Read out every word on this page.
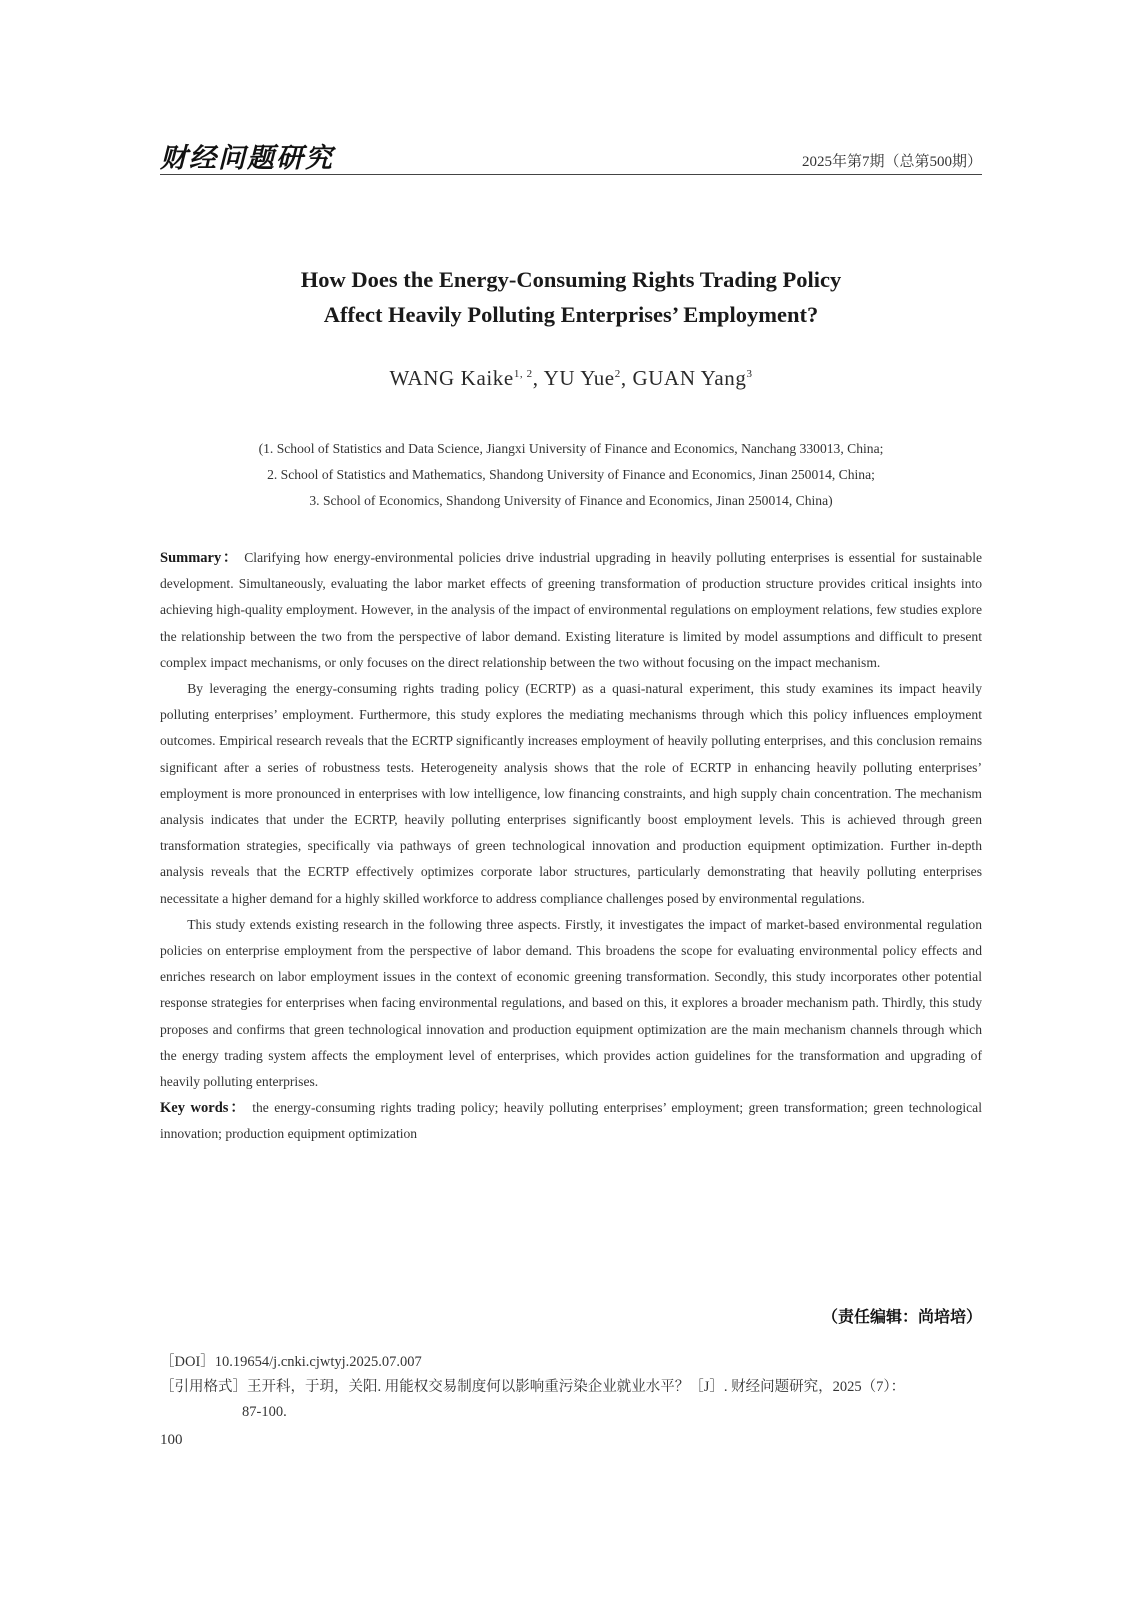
财经问题研究	2025年第7期（总第500期）
How Does the Energy-Consuming Rights Trading Policy
Affect Heavily Polluting Enterprises’ Employment?
WANG Kaike$^{1, 2}$, YU Yue$^2$, GUAN Yang$^3$
(1. School of Statistics and Data Science, Jiangxi University of Finance and Economics, Nanchang 330013, China;
2. School of Statistics and Mathematics, Shandong University of Finance and Economics, Jinan 250014, China;
3. School of Economics, Shandong University of Finance and Economics, Jinan 250014, China)

Summary： Clarifying how energy-environmental policies drive industrial upgrading in heavily polluting enterprises is essential for sustainable development. Simultaneously, evaluating the labor market effects of greening transformation of production structure provides critical insights into achieving high-quality employment. However, in the analysis of the impact of environmental regulations on employment relations, few studies explore the relationship between the two from the perspective of labor demand. Existing literature is limited by model assumptions and difficult to present complex impact mechanisms, or only focuses on the direct relationship between the two without focusing on the impact mechanism.

By leveraging the energy-consuming rights trading policy (ECRTP) as a quasi-natural experiment, this study examines its impact heavily polluting enterprises’ employment. Furthermore, this study explores the mediating mechanisms through which this policy influences employment outcomes. Empirical research reveals that the ECRTP significantly increases employment of heavily polluting enterprises, and this conclusion remains significant after a series of robustness tests. Heterogeneity analysis shows that the role of ECRTP in enhancing heavily polluting enterprises’ employment is more pronounced in enterprises with low intelligence, low financing constraints, and high supply chain concentration. The mechanism analysis indicates that under the ECRTP, heavily polluting enterprises significantly boost employment levels. This is achieved through green transformation strategies, specifically via pathways of green technological innovation and production equipment optimization. Further in-depth analysis reveals that the ECRTP effectively optimizes corporate labor structures, particularly demonstrating that heavily polluting enterprises necessitate a higher demand for a highly skilled workforce to address compliance challenges posed by environmental regulations.

This study extends existing research in the following three aspects. Firstly, it investigates the impact of market-based environmental regulation policies on enterprise employment from the perspective of labor demand. This broadens the scope for evaluating environmental policy effects and enriches research on labor employment issues in the context of economic greening transformation. Secondly, this study incorporates other potential response strategies for enterprises when facing environmental regulations, and based on this, it explores a broader mechanism path. Thirdly, this study proposes and confirms that green technological innovation and production equipment optimization are the main mechanism channels through which the energy trading system affects the employment level of enterprises, which provides action guidelines for the transformation and upgrading of heavily polluting enterprises.

Key words： the energy-consuming rights trading policy; heavily polluting enterprises’ employment; green transformation; green technological innovation; production equipment optimization

（责任编辑：尚培培）
［DOI］10.19654/j.cnki.cjwtyj.2025.07.007
［引用格式］王开科，于玥，关阳. 用能权交易制度何以影响重污染企业就业水平？［J］. 财经问题研究，2025（7）：
87-100.
100
